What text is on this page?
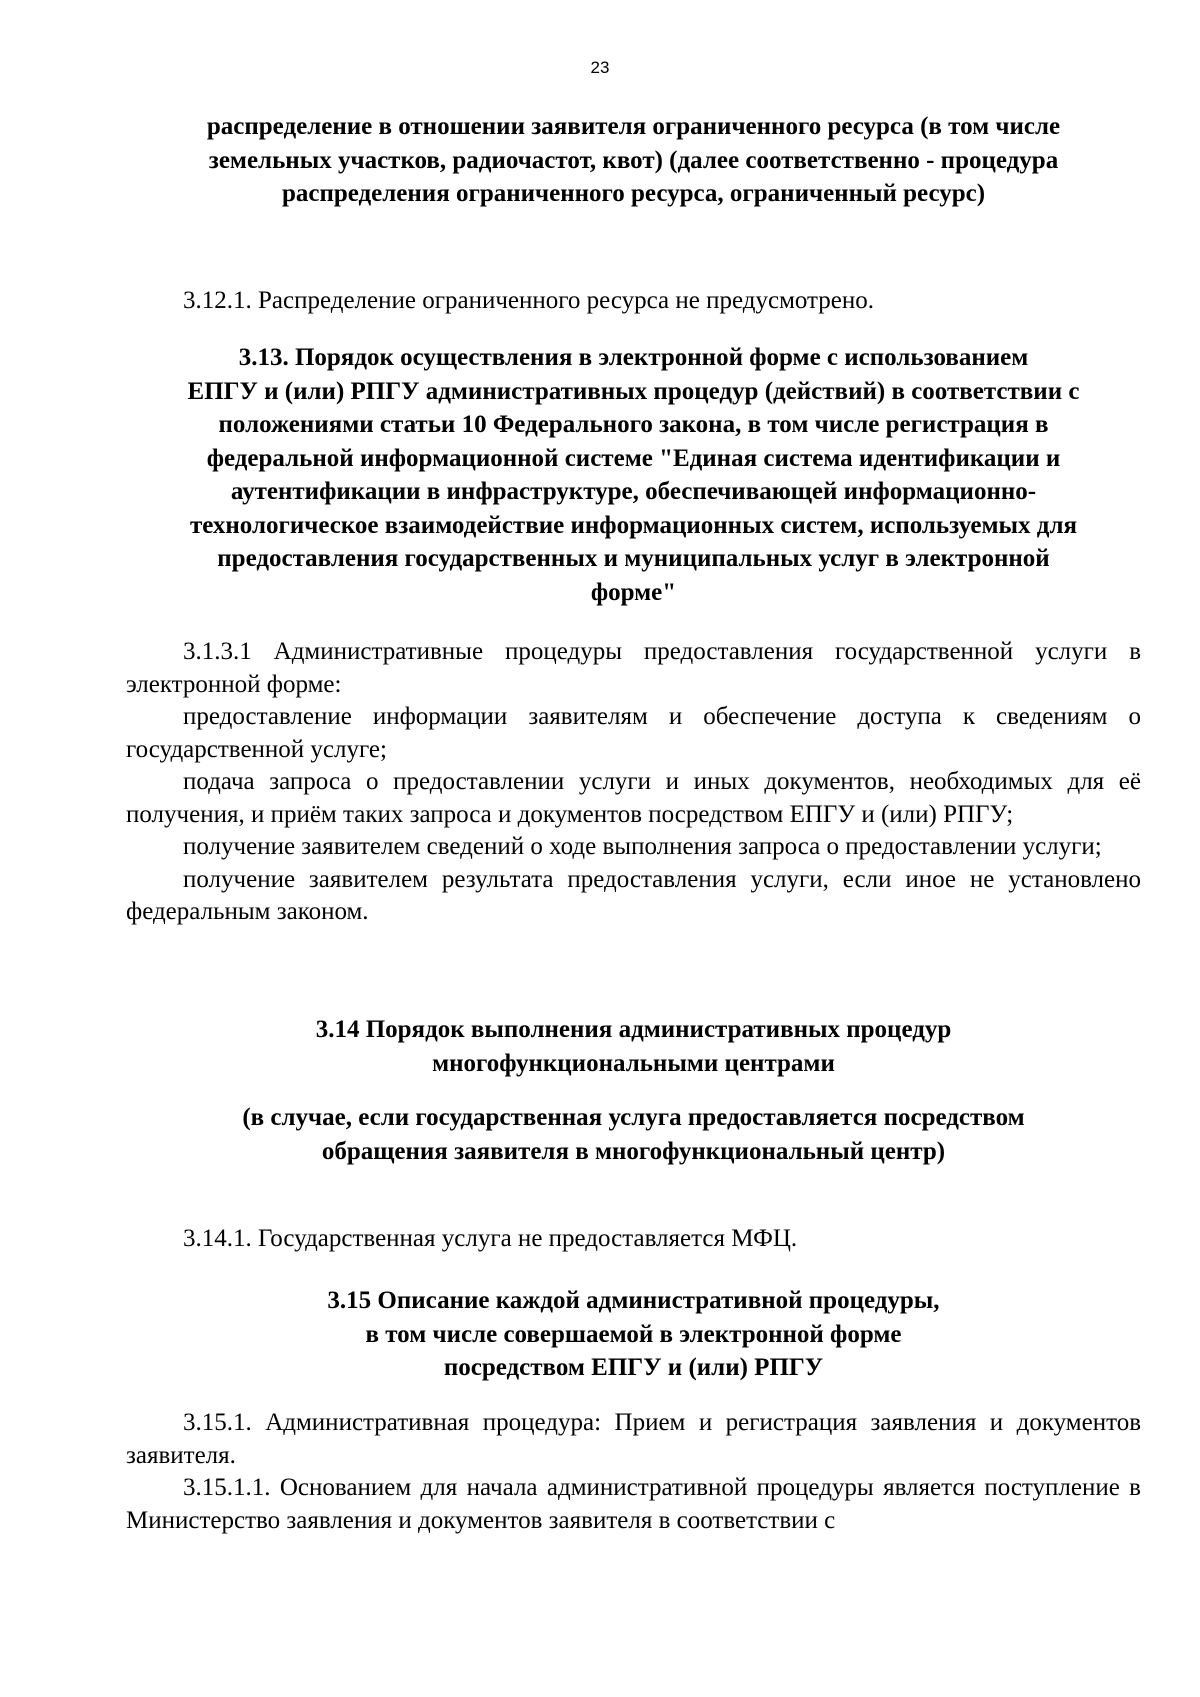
23
распределение в отношении заявителя ограниченного ресурса (в том числе
земельных участков, радиочастот, квот) (далее соответственно - процедура
распределения ограниченного ресурса, ограниченный ресурс)
3.12.1. Распределение ограниченного ресурса не предусмотрено.
3.13. Порядок осуществления в электронной форме с использованием
ЕПГУ и (или) РПГУ административных процедур (действий) в соответствии с
положениями статьи 10 Федерального закона, в том числе регистрация в
федеральной информационной системе "Единая система идентификации и
аутентификации в инфраструктуре, обеспечивающей информационно-
технологическое взаимодействие информационных систем, используемых для
предоставления государственных и муниципальных услуг в электронной
форме"
3.1.3.1 Административные процедуры предоставления государственной услуги в электронной форме:
предоставление информации заявителям и обеспечение доступа к сведениям о государственной услуге;
подача запроса о предоставлении услуги и иных документов, необходимых для её получения, и приём таких запроса и документов посредством ЕПГУ и (или) РПГУ;
получение заявителем сведений о ходе выполнения запроса о предоставлении услуги;
получение заявителем результата предоставления услуги, если иное не установлено федеральным законом.
3.14 Порядок выполнения административных процедур
многофункциональными центрами
(в случае, если государственная услуга предоставляется посредством
обращения заявителя в многофункциональный центр)
3.14.1. Государственная услуга не предоставляется МФЦ.
3.15 Описание каждой административной процедуры,
в том числе совершаемой в электронной форме
посредством ЕПГУ и (или) РПГУ
3.15.1. Административная процедура: Прием и регистрация заявления и документов заявителя.
3.15.1.1. Основанием для начала административной процедуры является поступление в Министерство заявления и документов заявителя в соответствии с
